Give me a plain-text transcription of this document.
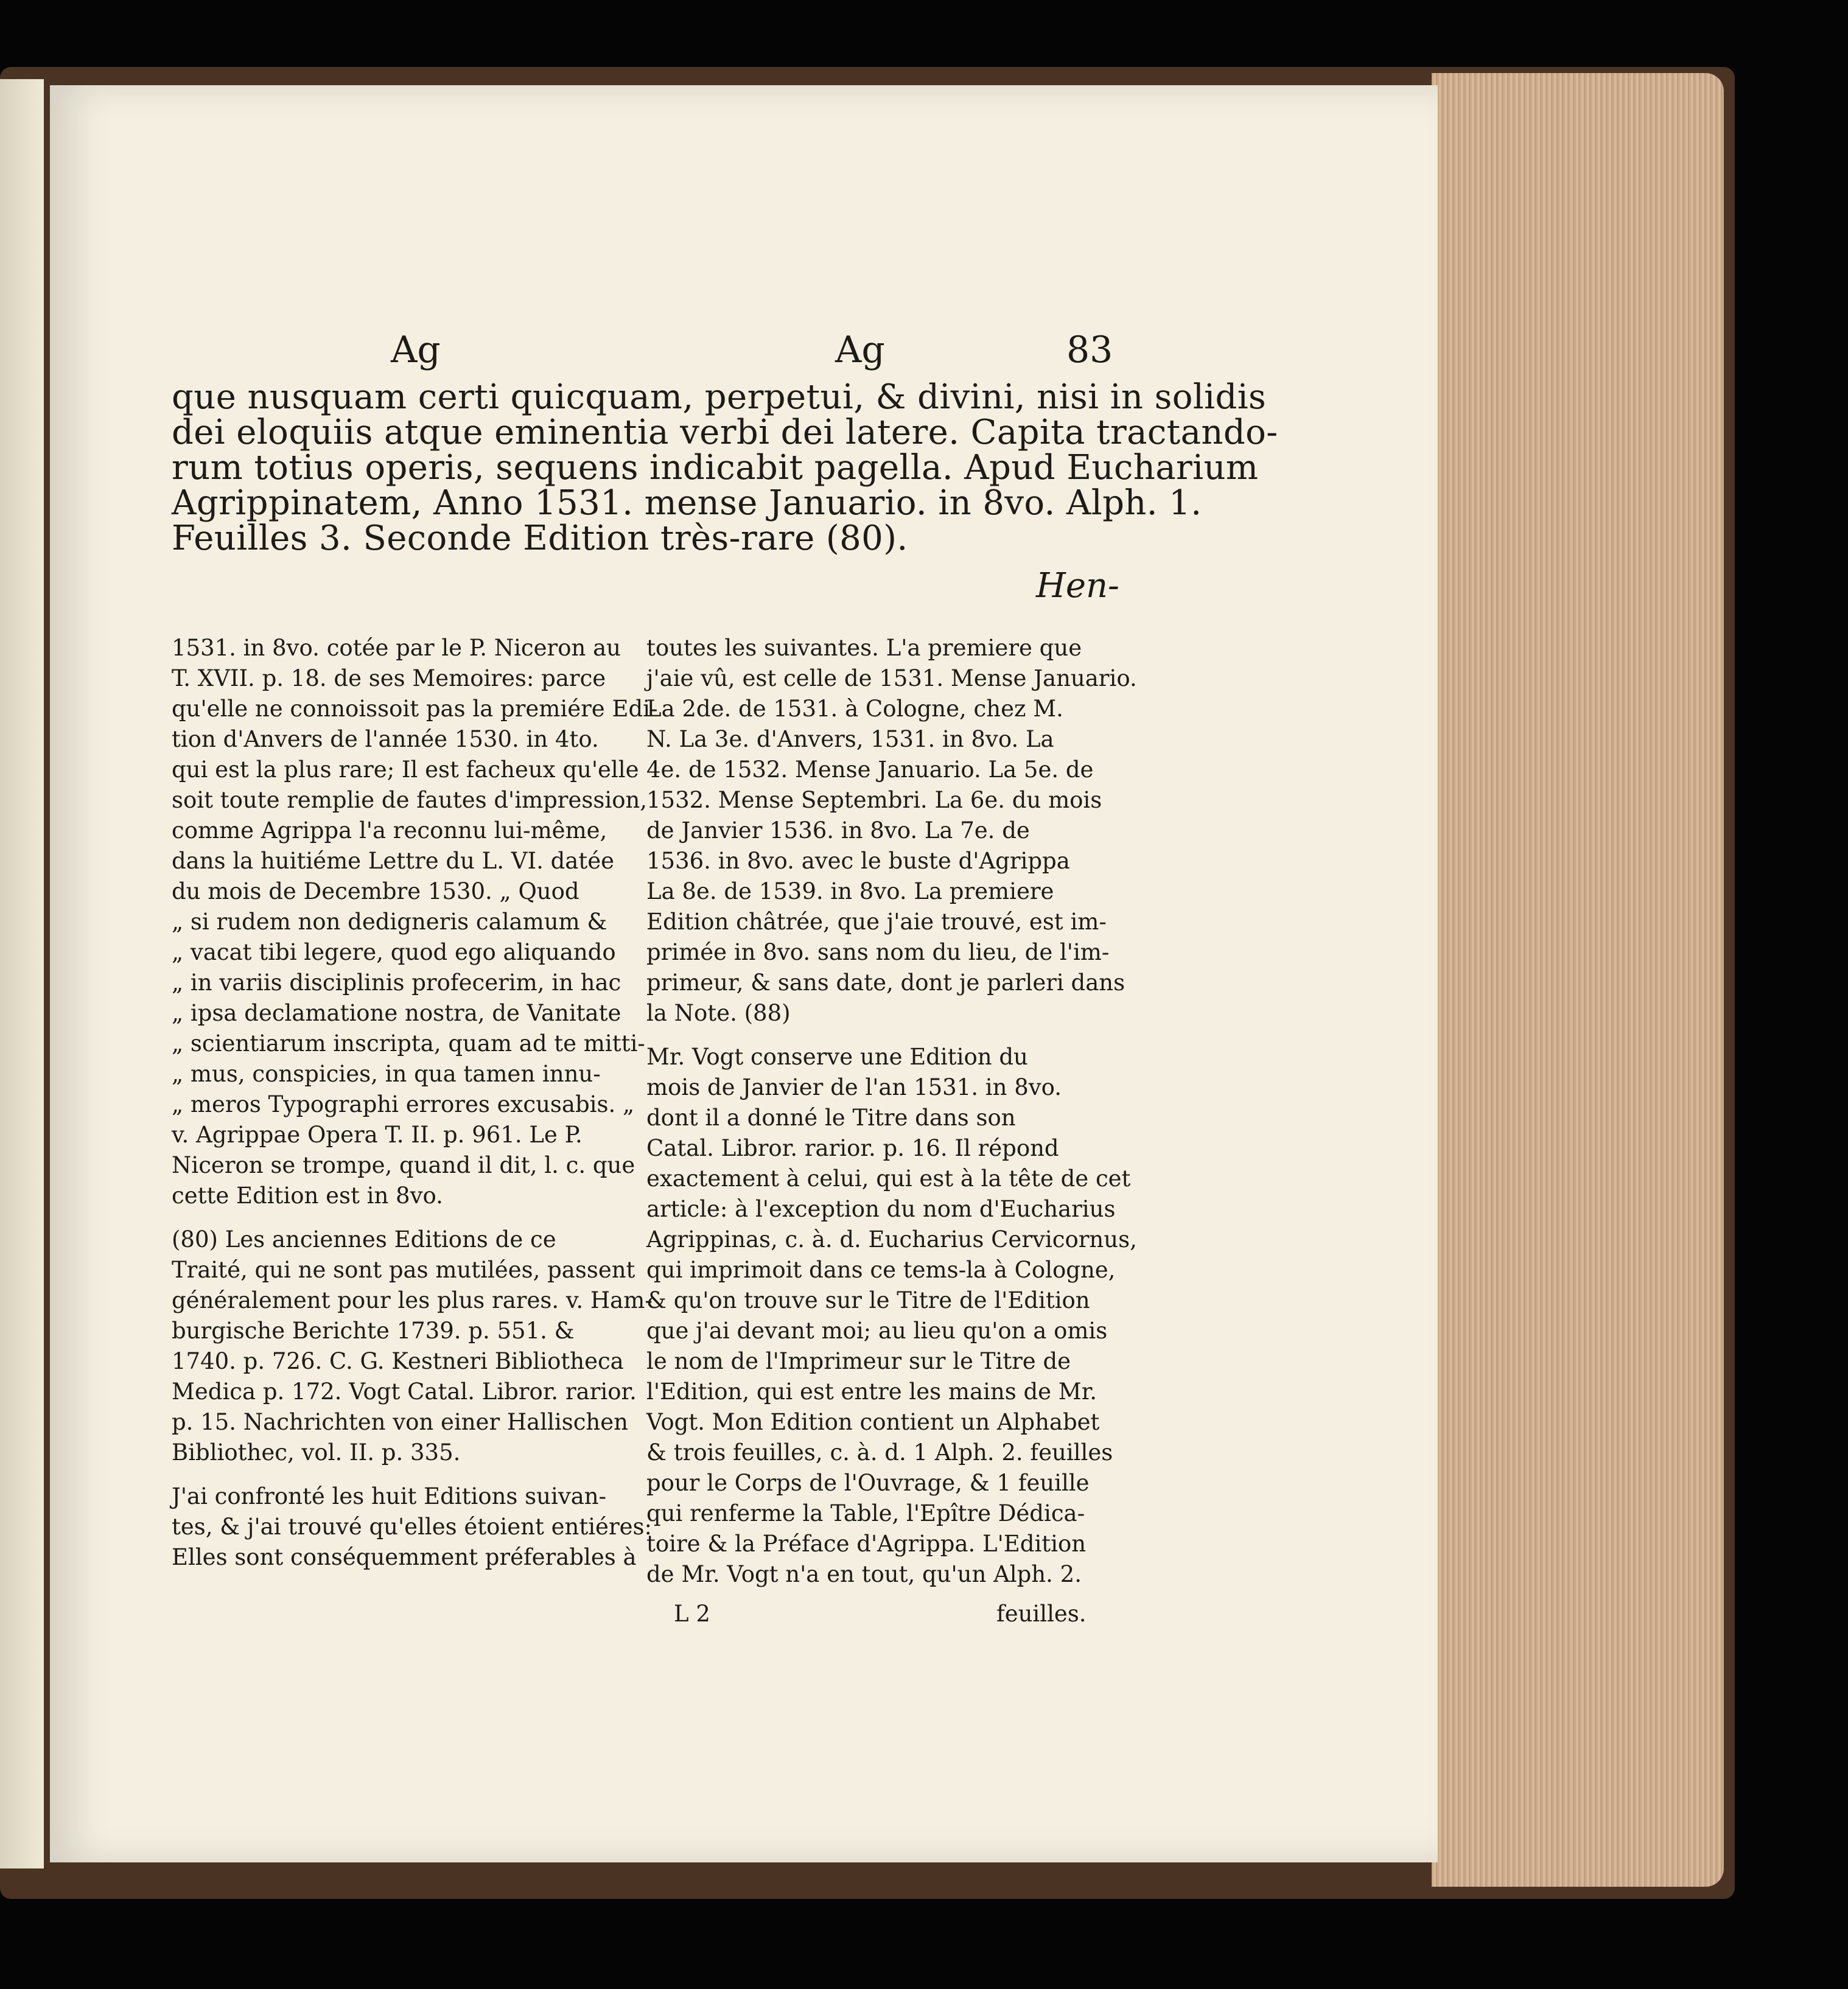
Ag	Ag	83
que nusquam certi quicquam, perpetui, & divini, nisi in solidis
dei eloquiis atque eminentia verbi dei latere. Capita tractando-
rum totius operis, sequens indicabit pagella. Apud Eucharium
Agrippinatem, Anno 1531. mense Januario. in 8vo. Alph. 1.
Feuilles 3. Seconde Edition très-rare (80).
Hen-
1531. in 8vo. cotée par le P. Niceron au
T. XVII. p. 18. de ses Memoires: parce
qu'elle ne connoissoit pas la premiére Edi-
tion d'Anvers de l'année 1530. in 4to.
qui est la plus rare; Il est facheux qu'elle
soit toute remplie de fautes d'impression,
comme Agrippa l'a reconnu lui-même,
dans la huitiéme Lettre du L. VI. datée
du mois de Decembre 1530. „ Quod
„ si rudem non dedigneris calamum &
„ vacat tibi legere, quod ego aliquando
„ in variis disciplinis profecerim, in hac
„ ipsa declamatione nostra, de Vanitate
„ scientiarum inscripta, quam ad te mitti-
„ mus, conspicies, in qua tamen innu-
„ meros Typographi errores excusabis. „
v. Agrippae Opera T. II. p. 961. Le P.
Niceron se trompe, quand il dit, l. c. que
cette Edition est in 8vo.
(80) Les anciennes Editions de ce
Traité, qui ne sont pas mutilées, passent
généralement pour les plus rares. v. Ham-
burgische Berichte 1739. p. 551. &
1740. p. 726. C. G. Kestneri Bibliotheca
Medica p. 172. Vogt Catal. Libror. rarior.
p. 15. Nachrichten von einer Hallischen
Bibliothec, vol. II. p. 335.
J'ai confronté les huit Editions suivan-
tes, & j'ai trouvé qu'elles étoient entiéres:
Elles sont conséquemment préferables à
toutes les suivantes. L'a premiere que
j'aie vû, est celle de 1531. Mense Januario.
La 2de. de 1531. à Cologne, chez M.
N. La 3e. d'Anvers, 1531. in 8vo. La
4e. de 1532. Mense Januario. La 5e. de
1532. Mense Septembri. La 6e. du mois
de Janvier 1536. in 8vo. La 7e. de
1536. in 8vo. avec le buste d'Agrippa
La 8e. de 1539. in 8vo. La premiere
Edition châtrée, que j'aie trouvé, est im-
primée in 8vo. sans nom du lieu, de l'im-
primeur, & sans date, dont je parleri dans
la Note. (88)
Mr. Vogt conserve une Edition du
mois de Janvier de l'an 1531. in 8vo.
dont il a donné le Titre dans son
Catal. Libror. rarior. p. 16. Il répond
exactement à celui, qui est à la tête de cet
article: à l'exception du nom d'Eucharius
Agrippinas, c. à. d. Eucharius Cervicornus,
qui imprimoit dans ce tems-la à Cologne,
& qu'on trouve sur le Titre de l'Edition
que j'ai devant moi; au lieu qu'on a omis
le nom de l'Imprimeur sur le Titre de
l'Edition, qui est entre les mains de Mr.
Vogt. Mon Edition contient un Alphabet
& trois feuilles, c. à. d. 1 Alph. 2. feuilles
pour le Corps de l'Ouvrage, & 1 feuille
qui renferme la Table, l'Epître Dédica-
toire & la Préface d'Agrippa. L'Edition
de Mr. Vogt n'a en tout, qu'un Alph. 2.
L 2	feuilles.
